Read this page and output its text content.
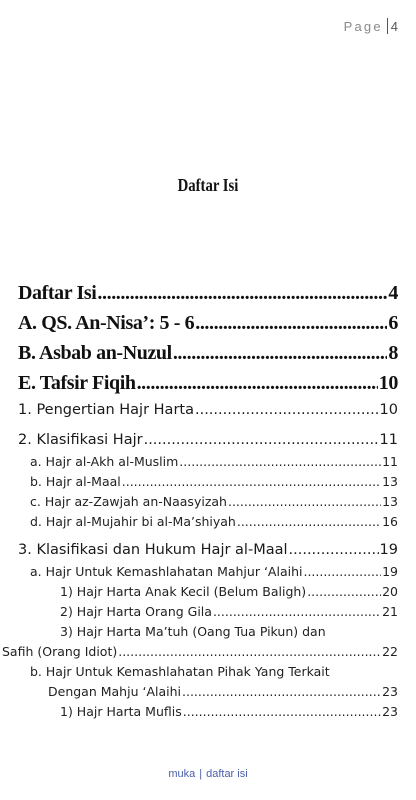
Page 4
Daftar Isi
Daftar Isi .....	4
A. QS. An-Nisa’: 5 - 6 .....	6
B. Asbab an-Nuzul .....	8
E. Tafsir Fiqih .....	10
1. Pengertian Hajr Harta .....	10
2. Klasifikasi Hajr .....	11
a. Hajr al-Akh al-Muslim .....	11
b. Hajr al-Maal .....	13
c. Hajr az-Zawjah an-Naasyizah .....	13
d. Hajr al-Mujahir bi al-Ma’shiyah .....	16
3. Klasifikasi dan Hukum Hajr al-Maal .....	19
a. Hajr Untuk Kemashlahatan Mahjur ‘Alaihi .....	19
1) Hajr Harta Anak Kecil (Belum Baligh) .....	20
2) Hajr Harta Orang Gila .....	21
3) Hajr Harta Ma’tuh (Oang Tua Pikun) dan
Safih (Orang Idiot) .....	22
b. Hajr Untuk Kemashlahatan Pihak Yang Terkait
Dengan Mahju ‘Alaihi .....	23
1) Hajr Harta Muflis .....	23
muka | daftar isi
